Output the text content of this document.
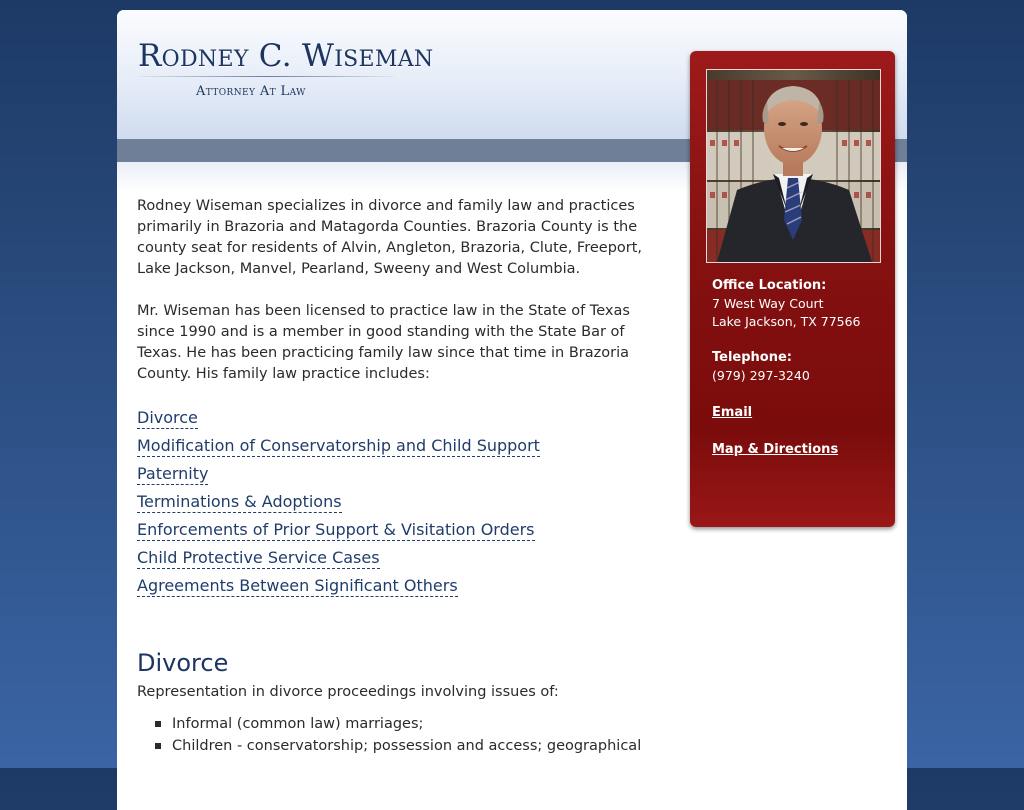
Rodney C. Wiseman
Attorney At Law

Rodney Wiseman specializes in divorce and family law and practices primarily in Brazoria and Matagorda Counties. Brazoria County is the county seat for residents of Alvin, Angleton, Brazoria, Clute, Freeport, Lake Jackson, Manvel, Pearland, Sweeny and West Columbia.

Mr. Wiseman has been licensed to practice law in the State of Texas since 1990 and is a member in good standing with the State Bar of Texas. He has been practicing family law since that time in Brazoria County. His family law practice includes:

Divorce
Modification of Conservatorship and Child Support
Paternity
Terminations & Adoptions
Enforcements of Prior Support & Visitation Orders
Child Protective Service Cases
Agreements Between Significant Others
Divorce

Representation in divorce proceedings involving issues of:

Informal (common law) marriages;
Children - conservatorship; possession and access; geographical
Office Location:
7 West Way Court
Lake Jackson, TX 77566
Telephone:
(979) 297-3240
Email
Map & Directions
